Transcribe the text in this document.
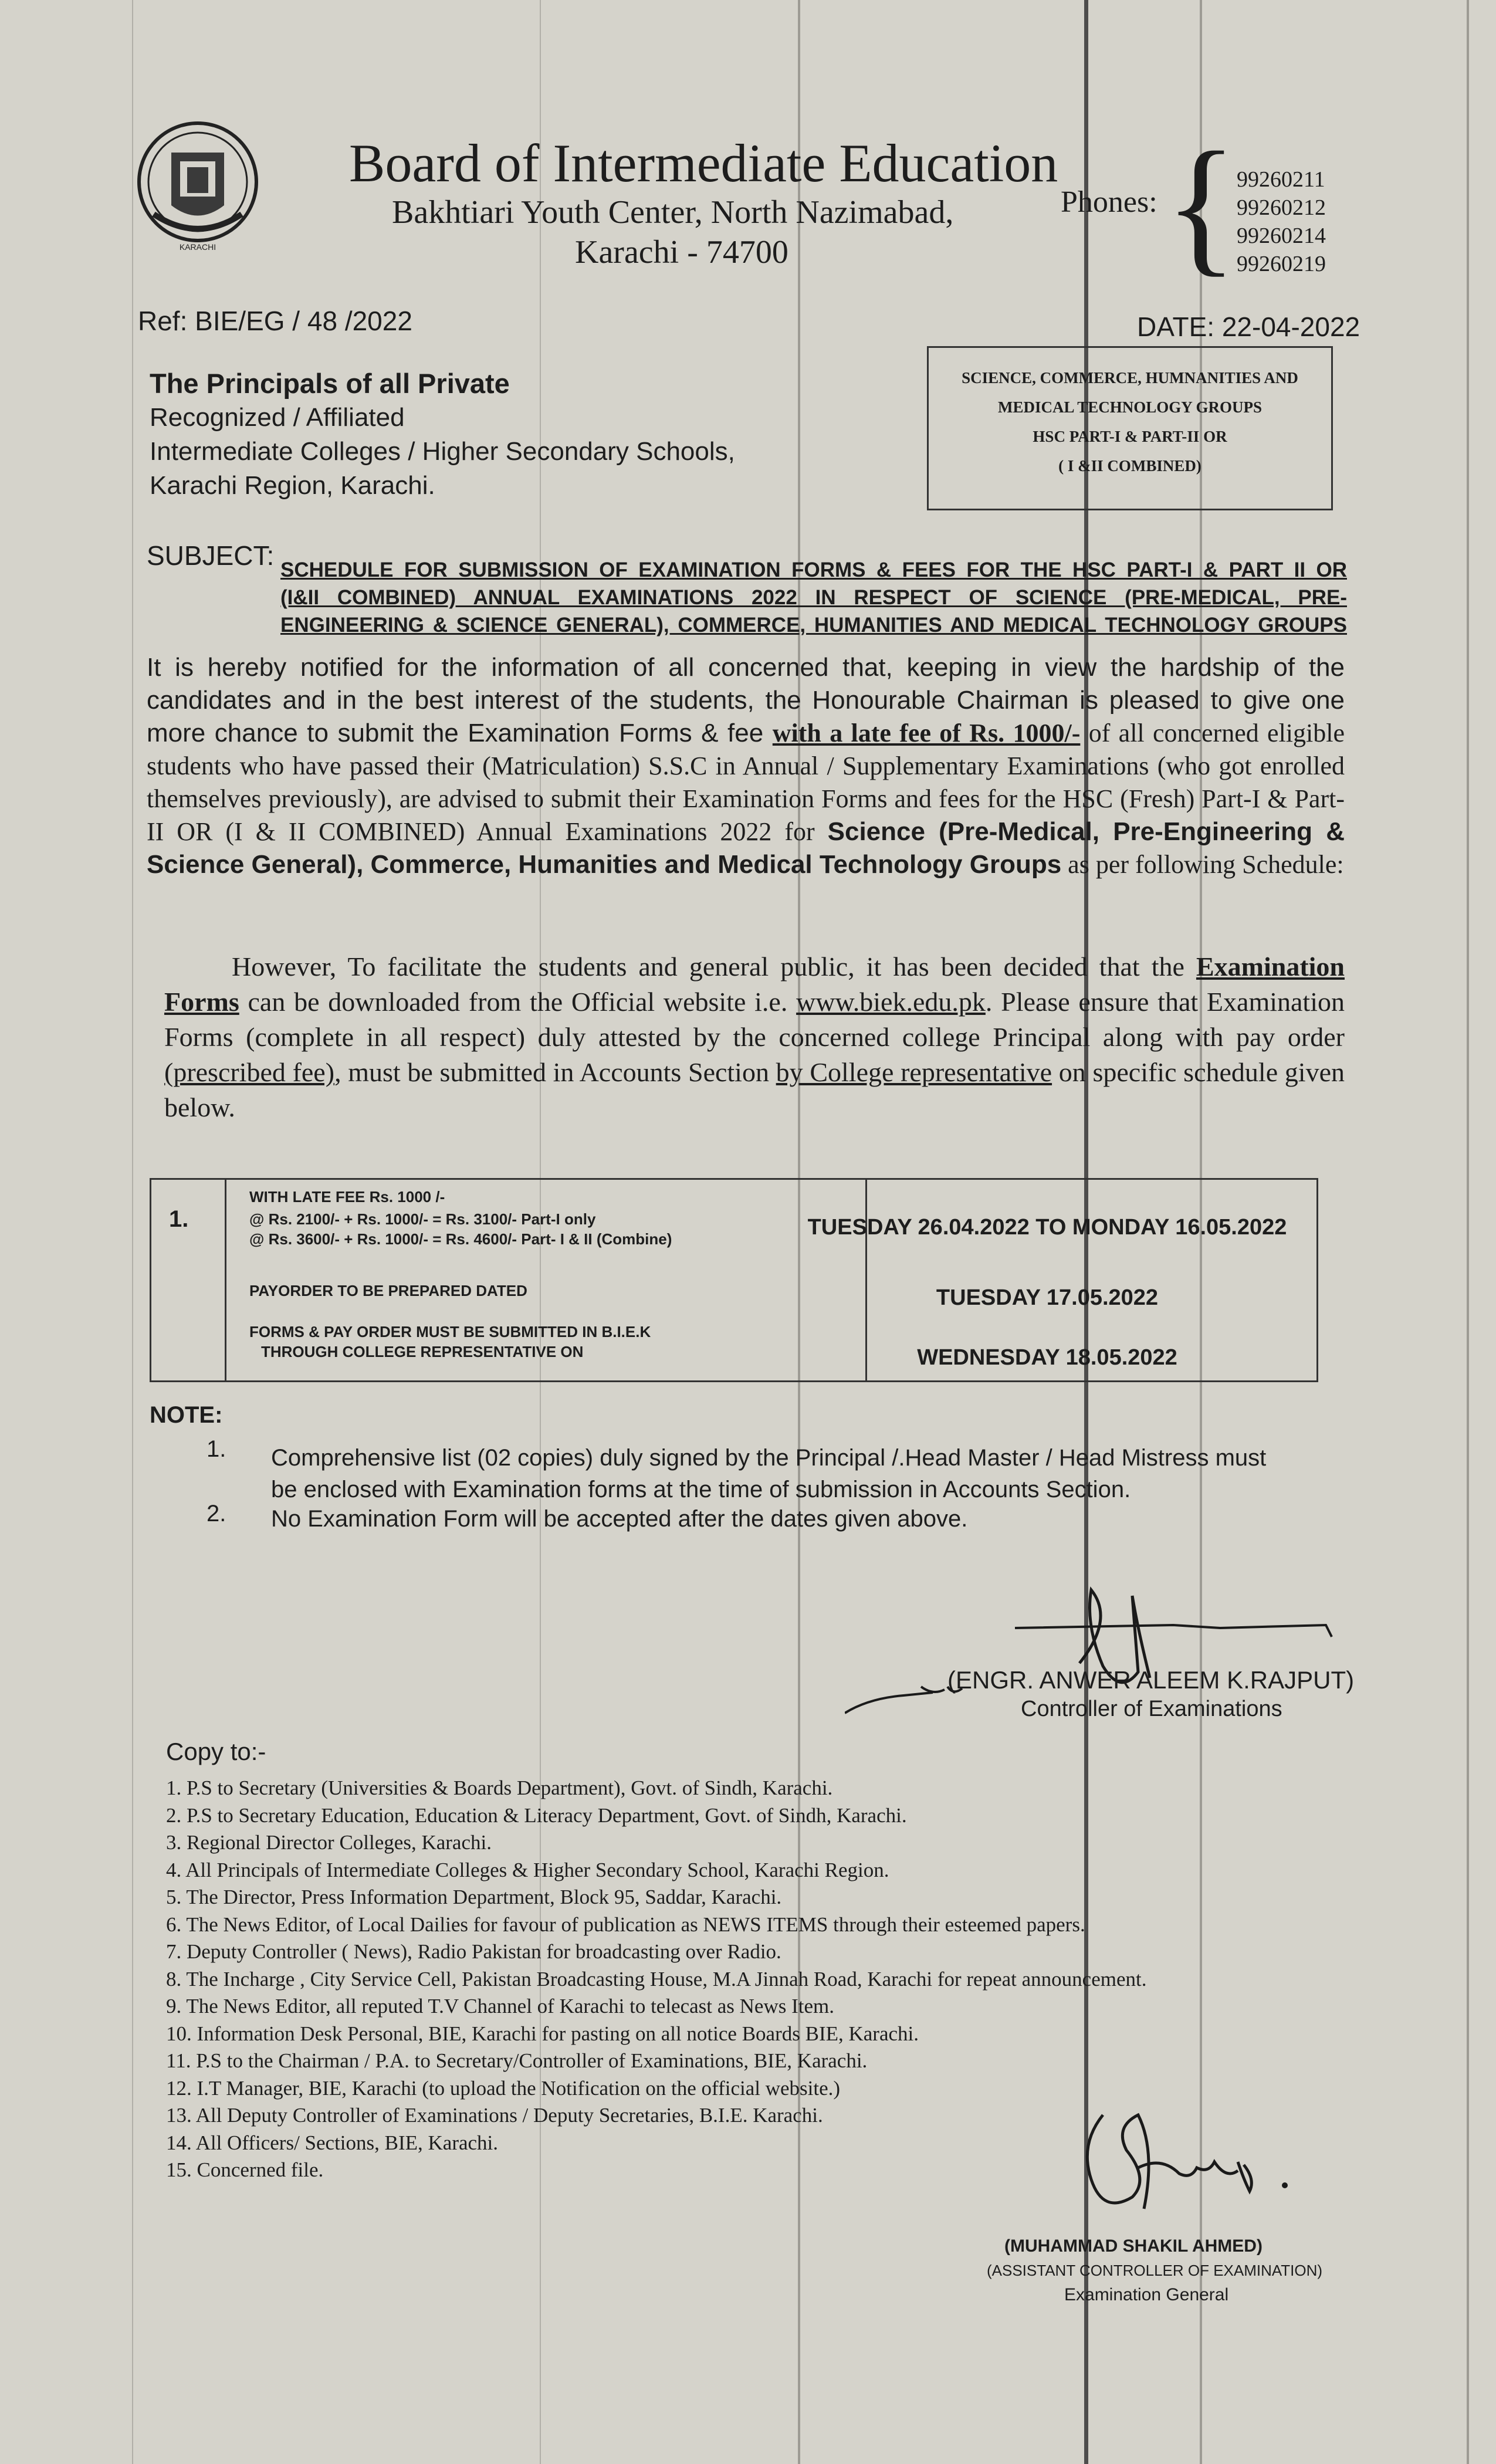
KARACHI
Board of Intermediate Education
Bakhtiari Youth Center, North Nazimabad,
Karachi - 74700
Phones: {
99260211
99260212
99260214
99260219
Ref: BIE/EG / 48 /2022	DATE: 22-04-2022
The Principals of all Private
Recognized / Affiliated
Intermediate Colleges / Higher Secondary Schools,
Karachi Region, Karachi.
SCIENCE, COMMERCE, HUMNANITIES AND
MEDICAL TECHNOLOGY GROUPS
HSC PART-I & PART-II OR
( I &II COMBINED)
SUBJECT: SCHEDULE FOR SUBMISSION OF EXAMINATION FORMS & FEES FOR THE HSC PART-I & PART II OR
(I&II COMBINED) ANNUAL EXAMINATIONS 2022 IN RESPECT OF SCIENCE (PRE-MEDICAL, PRE-
ENGINEERING & SCIENCE GENERAL), COMMERCE, HUMANITIES AND MEDICAL TECHNOLOGY GROUPS
It is hereby notified for the information of all concerned that, keeping in view the hardship of the candidates and in the best interest of the students, the Honourable Chairman is pleased to give one more chance to submit the Examination Forms & fee with a late fee of Rs. 1000/- of all concerned eligible students who have passed their (Matriculation) S.S.C in Annual / Supplementary Examinations (who got enrolled themselves previously), are advised to submit their Examination Forms and fees for the HSC (Fresh) Part-I & Part-II OR (I & II COMBINED) Annual Examinations 2022 for Science (Pre-Medical, Pre-Engineering & Science General), Commerce, Humanities and Medical Technology Groups as per following Schedule:
However, To facilitate the students and general public, it has been decided that the Examination Forms can be downloaded from the Official website i.e. www.biek.edu.pk. Please ensure that Examination Forms (complete in all respect) duly attested by the concerned college Principal along with pay order (prescribed fee), must be submitted in Accounts Section by College representative on specific schedule given below.
1.
WITH LATE FEE Rs. 1000 /-
@ Rs. 2100/- + Rs. 1000/- = Rs. 3100/- Part-I only
@ Rs. 3600/- + Rs. 1000/- = Rs. 4600/- Part- I & II (Combine)
PAYORDER TO BE PREPARED DATED
FORMS & PAY ORDER MUST BE SUBMITTED IN B.I.E.K
THROUGH COLLEGE REPRESENTATIVE ON
TUESDAY 26.04.2022 TO MONDAY 16.05.2022
TUESDAY 17.05.2022
WEDNESDAY 18.05.2022
NOTE:
1. Comprehensive list (02 copies) duly signed by the Principal /.Head Master / Head Mistress must be enclosed with Examination forms at the time of submission in Accounts Section.
2. No Examination Form will be accepted after the dates given above.
(ENGR. ANWER ALEEM K.RAJPUT)
Controller of Examinations
Copy to:-
1. P.S to Secretary (Universities & Boards Department), Govt. of Sindh, Karachi.
2. P.S to Secretary Education, Education & Literacy Department, Govt. of Sindh, Karachi.
3. Regional Director Colleges, Karachi.
4. All Principals of Intermediate Colleges & Higher Secondary School, Karachi Region.
5. The Director, Press Information Department, Block 95, Saddar, Karachi.
6. The News Editor, of Local Dailies for favour of publication as NEWS ITEMS through their esteemed papers.
7. Deputy Controller ( News), Radio Pakistan for broadcasting over Radio.
8. The Incharge , City Service Cell, Pakistan Broadcasting House, M.A Jinnah Road, Karachi for repeat announcement.
9. The News Editor, all reputed T.V Channel of Karachi to telecast as News Item.
10. Information Desk Personal, BIE, Karachi for pasting on all notice Boards BIE, Karachi.
11. P.S to the Chairman / P.A. to Secretary/Controller of Examinations, BIE, Karachi.
12. I.T Manager, BIE, Karachi (to upload the Notification on the official website.)
13. All Deputy Controller of Examinations / Deputy Secretaries, B.I.E. Karachi.
14. All Officers/ Sections, BIE, Karachi.
15. Concerned file.
(MUHAMMAD SHAKIL AHMED)
(ASSISTANT CONTROLLER OF EXAMINATION)
Examination General
